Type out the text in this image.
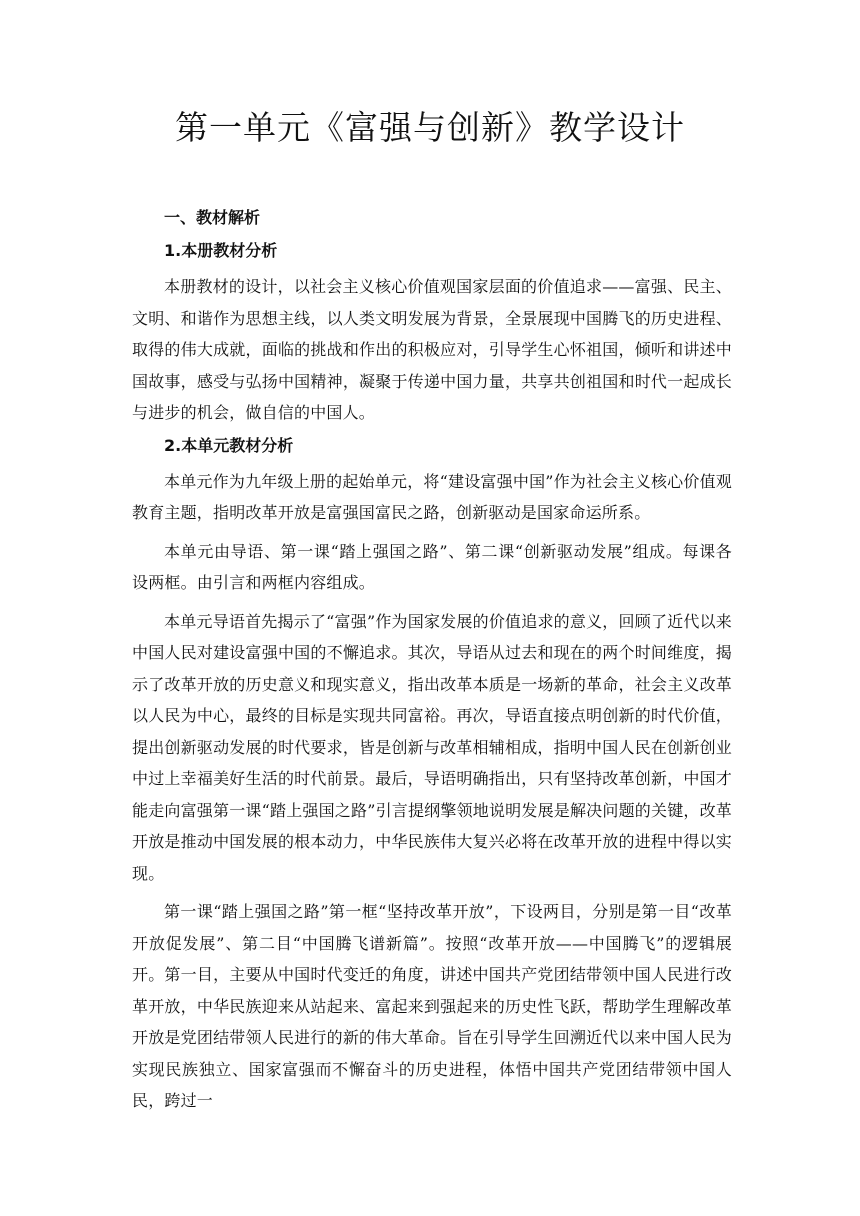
第一单元《富强与创新》教学设计
一、教材解析
1.本册教材分析

本册教材的设计，以社会主义核心价值观国家层面的价值追求——富强、民主、文明、和谐作为思想主线，以人类文明发展为背景，全景展现中国腾飞的历史进程、取得的伟大成就，面临的挑战和作出的积极应对，引导学生心怀祖国，倾听和讲述中国故事，感受与弘扬中国精神，凝聚于传递中国力量，共享共创祖国和时代一起成长与进步的机会，做自信的中国人。

2.本单元教材分析

本单元作为九年级上册的起始单元，将“建设富强中国”作为社会主义核心价值观教育主题，指明改革开放是富强国富民之路，创新驱动是国家命运所系。

本单元由导语、第一课“踏上强国之路”、第二课“创新驱动发展”组成。每课各设两框。由引言和两框内容组成。

本单元导语首先揭示了“富强”作为国家发展的价值追求的意义，回顾了近代以来中国人民对建设富强中国的不懈追求。其次，导语从过去和现在的两个时间维度，揭示了改革开放的历史意义和现实意义，指出改革本质是一场新的革命，社会主义改革以人民为中心，最终的目标是实现共同富裕。再次，导语直接点明创新的时代价值，提出创新驱动发展的时代要求，皆是创新与改革相辅相成，指明中国人民在创新创业中过上幸福美好生活的时代前景。最后，导语明确指出，只有坚持改革创新，中国才能走向富强第一课“踏上强国之路”引言提纲擎领地说明发展是解决问题的关键，改革开放是推动中国发展的根本动力，中华民族伟大复兴必将在改革开放的进程中得以实现。

第一课“踏上强国之路”第一框“坚持改革开放”，下设两目，分别是第一目“改革开放促发展”、第二目“中国腾飞谱新篇”。按照“改革开放——中国腾飞”的逻辑展开。第一目，主要从中国时代变迁的角度，讲述中国共产党团结带领中国人民进行改革开放，中华民族迎来从站起来、富起来到强起来的历史性飞跃，帮助学生理解改革开放是党团结带领人民进行的新的伟大革命。旨在引导学生回溯近代以来中国人民为实现民族独立、国家富强而不懈奋斗的历史进程，体悟中国共产党团结带领中国人民，跨过一
